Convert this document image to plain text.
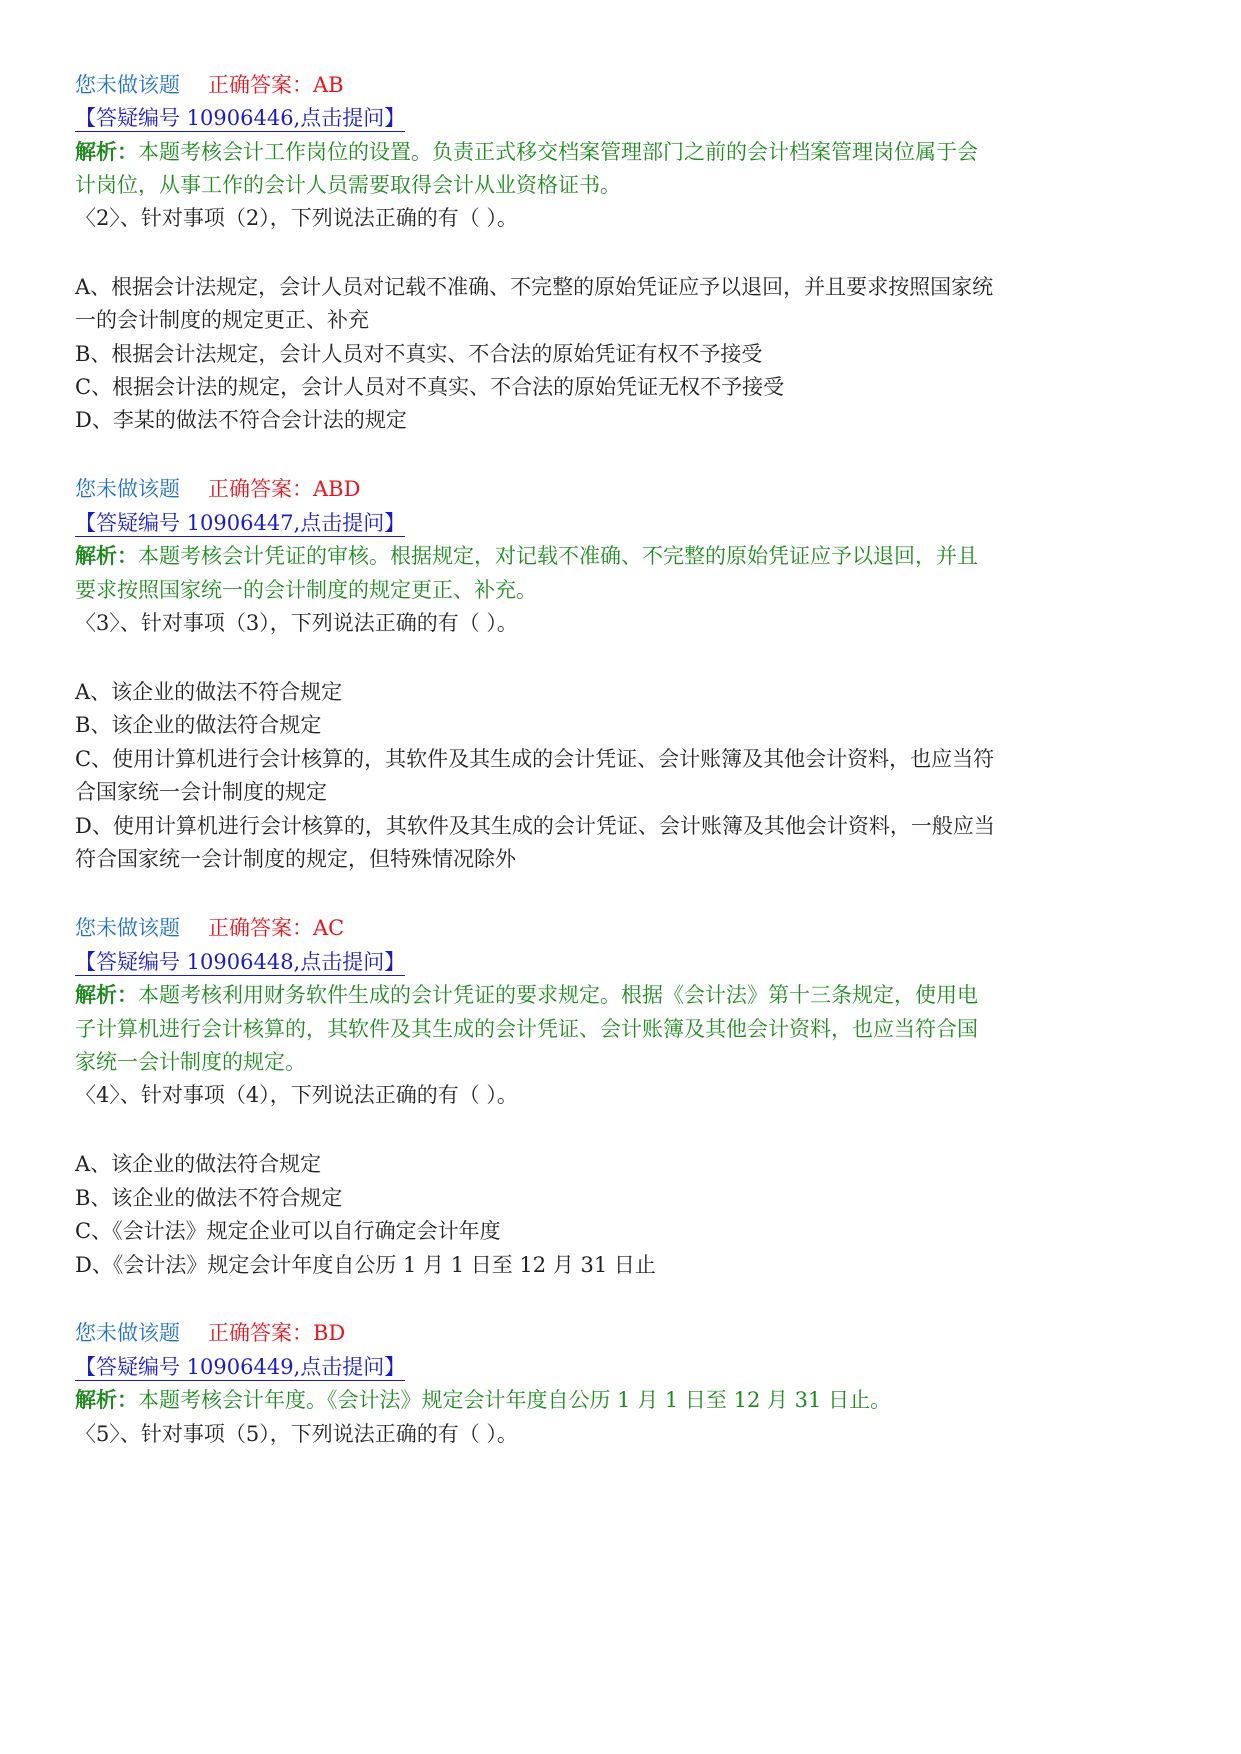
您未做该题 正确答案：AB
【答疑编号 10906446,点击提问】
解析：本题考核会计工作岗位的设置。负责正式移交档案管理部门之前的会计档案管理岗位属于会
计岗位，从事工作的会计人员需要取得会计从业资格证书。
〈2〉、针对事项（2），下列说法正确的有（ ）。
A、根据会计法规定，会计人员对记载不准确、不完整的原始凭证应予以退回，并且要求按照国家统
一的会计制度的规定更正、补充
B、根据会计法规定，会计人员对不真实、不合法的原始凭证有权不予接受
C、根据会计法的规定，会计人员对不真实、不合法的原始凭证无权不予接受
D、李某的做法不符合会计法的规定
您未做该题 正确答案：ABD
【答疑编号 10906447,点击提问】
解析：本题考核会计凭证的审核。根据规定，对记载不准确、不完整的原始凭证应予以退回，并且
要求按照国家统一的会计制度的规定更正、补充。
〈3〉、针对事项（3），下列说法正确的有（ ）。
A、该企业的做法不符合规定
B、该企业的做法符合规定
C、使用计算机进行会计核算的，其软件及其生成的会计凭证、会计账簿及其他会计资料，也应当符
合国家统一会计制度的规定
D、使用计算机进行会计核算的，其软件及其生成的会计凭证、会计账簿及其他会计资料，一般应当
符合国家统一会计制度的规定，但特殊情况除外
您未做该题 正确答案：AC
【答疑编号 10906448,点击提问】
解析：本题考核利用财务软件生成的会计凭证的要求规定。根据《会计法》第十三条规定，使用电
子计算机进行会计核算的，其软件及其生成的会计凭证、会计账簿及其他会计资料，也应当符合国
家统一会计制度的规定。
〈4〉、针对事项（4），下列说法正确的有（ ）。
A、该企业的做法符合规定
B、该企业的做法不符合规定
C、《会计法》规定企业可以自行确定会计年度
D、《会计法》规定会计年度自公历 1 月 1 日至 12 月 31 日止
您未做该题 正确答案：BD
【答疑编号 10906449,点击提问】
解析：本题考核会计年度。《会计法》规定会计年度自公历 1 月 1 日至 12 月 31 日止。
〈5〉、针对事项（5），下列说法正确的有（ ）。
